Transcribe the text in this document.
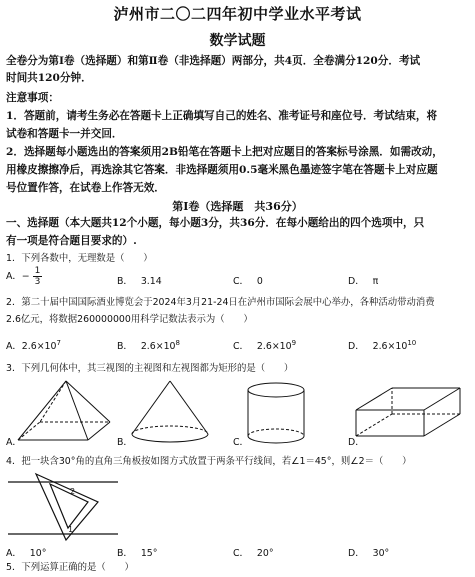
泸州市二〇二四年初中学业水平考试
数学试题
全卷分为第Ⅰ卷（选择题）和第Ⅱ卷（非选择题）两部分，共4页．全卷满分120分．考试
时间共120分钟．
注意事项：
1．答题前，请考生务必在答题卡上正确填写自己的姓名、准考证号和座位号．考试结束，将
试卷和答题卡一并交回．
2．选择题每小题选出的答案须用2B铅笔在答题卡上把对应题目的答案标号涂黑．如需改动，
用橡皮擦擦净后，再选涂其它答案．非选择题须用0.5毫米黑色墨迹签字笔在答题卡上对应题
号位置作答，在试卷上作答无效．
第Ⅰ卷（选择题　共36分）
一、选择题（本大题共12个小题，每小题3分，共36分．在每小题给出的四个选项中，只
有一项是符合题目要求的）.
1．下列各数中，无理数是（　　）
A．− $\frac{1}{3}$	B． 3.14	C． 0	D． π
2．第二十届中国国际酒业博览会于2024年3月21-24日在泸州市国际会展中心举办，各种活动带动消费
2.6亿元，将数据260000000用科学记数法表示为（　　）
A．$2.6\times 10^7$	B． $2.6\times 10^8$	C． $2.6\times 10^9$	D． $2.6\times 10^{10}$
3．下列几何体中，其三视图的主视图和左视图都为矩形的是（　　）
A．	B．	C．	D．
4．把一块含30°角的直角三角板按如图方式放置于两条平行线间，若∠1＝45°，则∠2＝（　　）
2
1
A． 10°	B． 15°	C． 20°	D． 30°
5．下列运算正确的是（　　）
